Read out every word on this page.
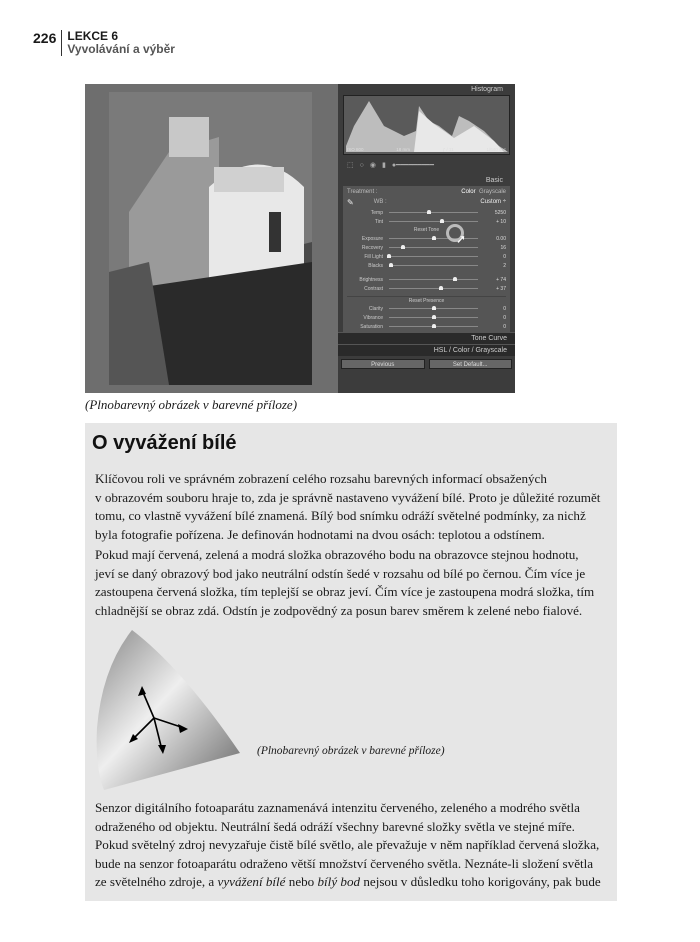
226 LEKCE 6
Vyvolávání a výběr
Histogram
ISO 800	18 mm	ƒ / 11	1/640 sec
⬚ ○ ◉ ▮ ●━━━━━━━━━
Basic
Treatment :	Color Grayscale
✎	WB :	Custom ÷
Temp	5250
Tint	+ 10
Reset Tone
Exposure	0.00
Recovery	16
Fill Light	0
Blacks	2
Brightness	+ 74
Contrast	+ 37
Reset Presence
Clarity	0
Vibrance	0
Saturation	0
Tone Curve
HSL / Color / Grayscale
Previous	Set Default...
➚
(Plnobarevný obrázek v barevné příloze)
O vyvážení bílé
Klíčovou roli ve správném zobrazení celého rozsahu barevných informací obsažených
v obrazovém souboru hraje to, zda je správně nastaveno vyvážení bílé. Proto je důležité rozumět
tomu, co vlastně vyvážení bílé znamená. Bílý bod snímku odráží světelné podmínky, za nichž
byla fotografie pořízena. Je definován hodnotami na dvou osách: teplotou a odstínem.
Pokud mají červená, zelená a modrá složka obrazového bodu na obrazovce stejnou hodnotu,
jeví se daný obrazový bod jako neutrální odstín šedé v rozsahu od bílé po černou. Čím více je
zastoupena červená složka, tím teplejší se obraz jeví. Čím více je zastoupena modrá složka, tím
chladnější se obraz zdá. Odstín je zodpovědný za posun barev směrem k zelené nebo fialové.
(Plnobarevný obrázek v barevné příloze)
Senzor digitálního fotoaparátu zaznamenává intenzitu červeného, zeleného a modrého světla
odraženého od objektu. Neutrální šedá odráží všechny barevné složky světla ve stejné míře.
Pokud světelný zdroj nevyzařuje čistě bílé světlo, ale převažuje v něm například červená složka,
bude na senzor fotoaparátu odraženo větší množství červeného světla. Neznáte-li složení světla
ze světelného zdroje, a vyvážení bílé nebo bílý bod nejsou v důsledku toho korigovány, pak bude
